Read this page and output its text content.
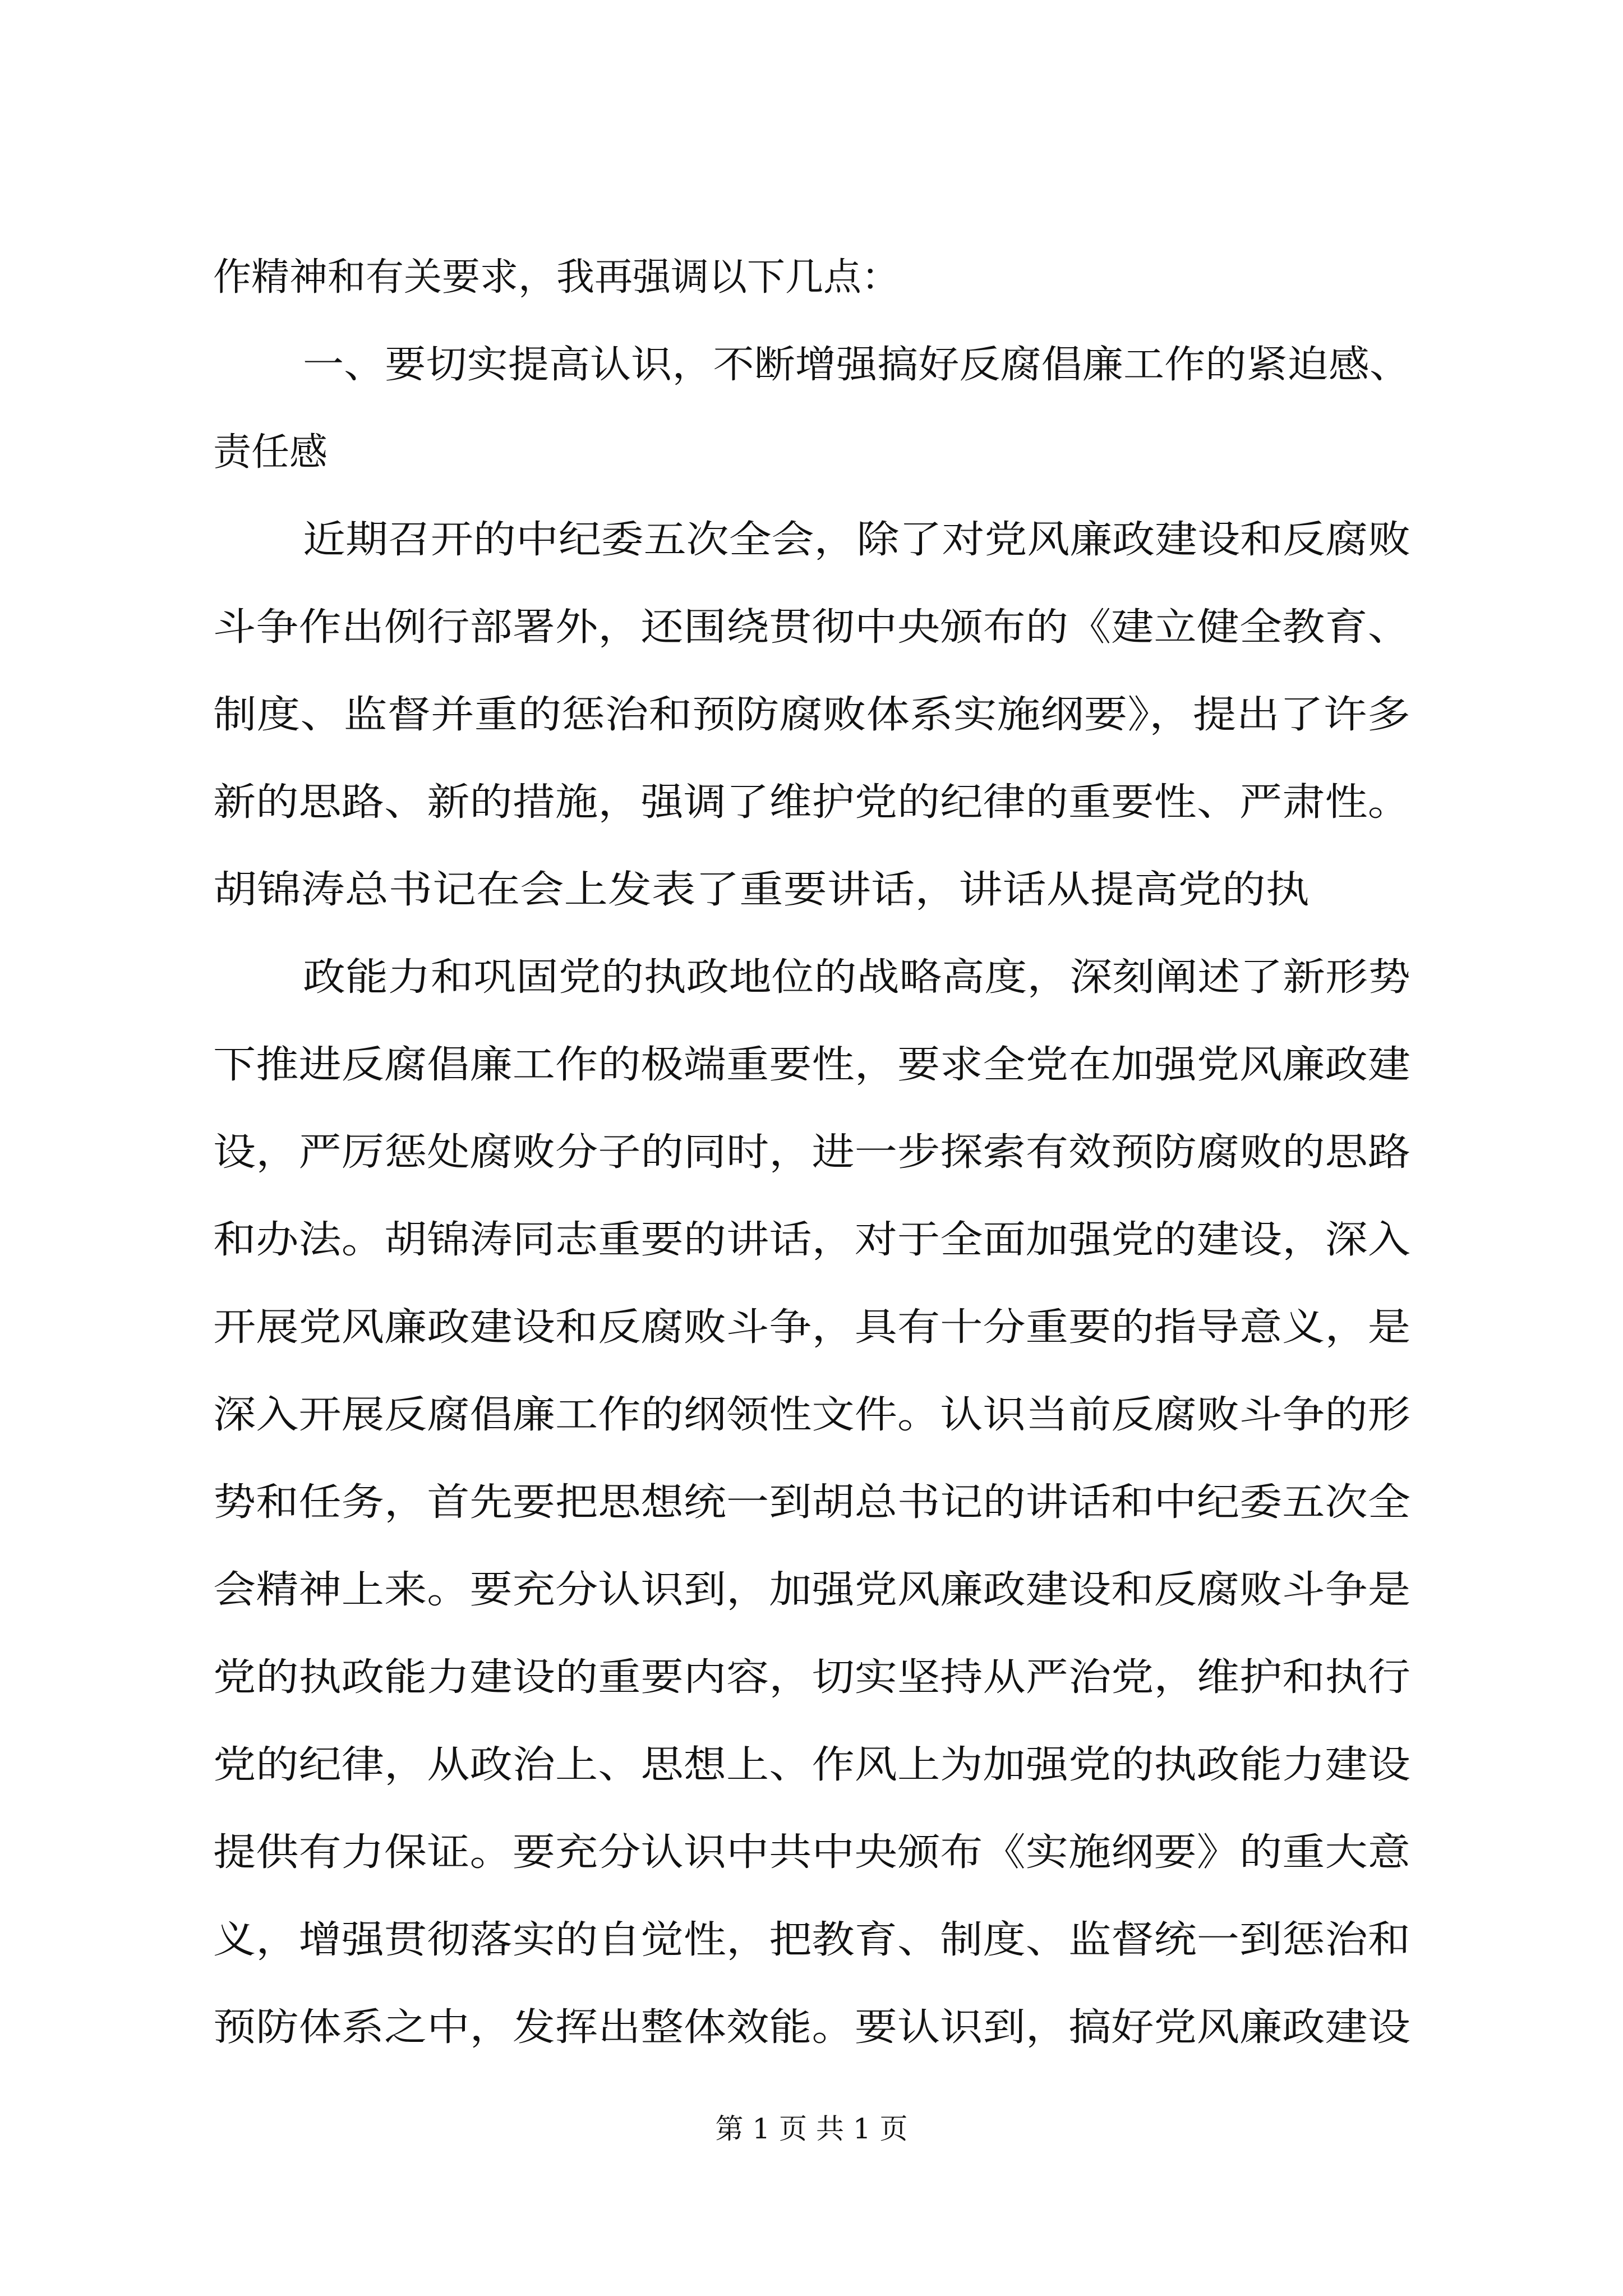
作精神和有关要求，我再强调以下几点：
一、要切实提高认识，不断增强搞好反腐倡廉工作的紧迫感、
责任感
近期召开的中纪委五次全会，除了对党风廉政建设和反腐败
斗争作出例行部署外，还围绕贯彻中央颁布的《建立健全教育、
制度、监督并重的惩治和预防腐败体系实施纲要》，提出了许多
新的思路、新的措施，强调了维护党的纪律的重要性、严肃性。
胡锦涛总书记在会上发表了重要讲话，讲话从提高党的执
政能力和巩固党的执政地位的战略高度，深刻阐述了新形势
下推进反腐倡廉工作的极端重要性，要求全党在加强党风廉政建
设，严厉惩处腐败分子的同时，进一步探索有效预防腐败的思路
和办法。胡锦涛同志重要的讲话，对于全面加强党的建设，深入
开展党风廉政建设和反腐败斗争，具有十分重要的指导意义，是
深入开展反腐倡廉工作的纲领性文件。认识当前反腐败斗争的形
势和任务，首先要把思想统一到胡总书记的讲话和中纪委五次全
会精神上来。要充分认识到，加强党风廉政建设和反腐败斗争是
党的执政能力建设的重要内容，切实坚持从严治党，维护和执行
党的纪律，从政治上、思想上、作风上为加强党的执政能力建设
提供有力保证。要充分认识中共中央颁布《实施纲要》的重大意
义，增强贯彻落实的自觉性，把教育、制度、监督统一到惩治和
预防体系之中，发挥出整体效能。要认识到，搞好党风廉政建设
第 1 页 共 1 页
